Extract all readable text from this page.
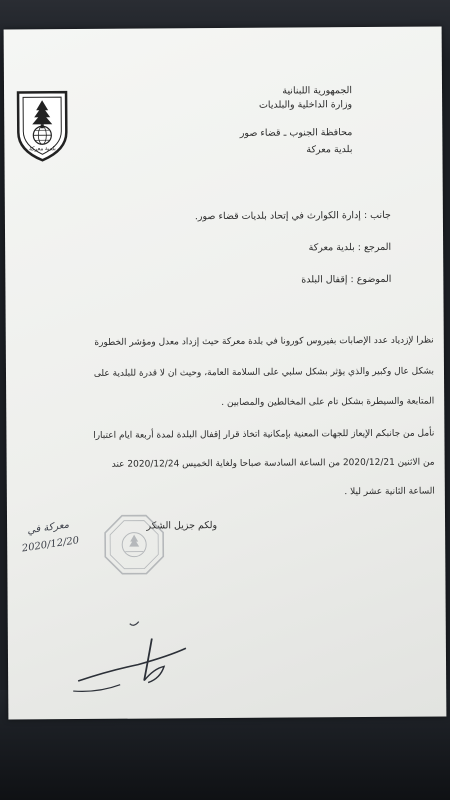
بلدية معركة
الجمهورية اللبنانية
وزارة الداخلية والبلديات
محافظة الجنوب ـ قضاء صور
بلدية معركة
جانب : إدارة الكوارث في إتحاد بلديات قضاء صور.
المرجع : بلدية معركة
الموضوع : إقفال البلدة
نظرا لإزدياد عدد الإصابات بفيروس كورونا في بلدة معركة حيث إزداد معدل ومؤشر الخطورة
بشكل عال وكبير والذي يؤثر بشكل سلبي على السلامة العامة، وحيث ان لا قدرة للبلدية على
المتابعة والسيطرة بشكل تام على المخالطين والمصابين .
نأمل من جانبكم الإيعاز للجهات المعنية بإمكانية اتخاذ قرار إقفال البلدة لمدة أربعة ايام اعتبارا
من الاثنين 2020/12/21 من الساعة السادسة صباحا ولغاية الخميس 2020/12/24 عند
الساعة الثانية عشر ليلا .
ولكم جزيل الشكر
معركة في 2020/12/20
